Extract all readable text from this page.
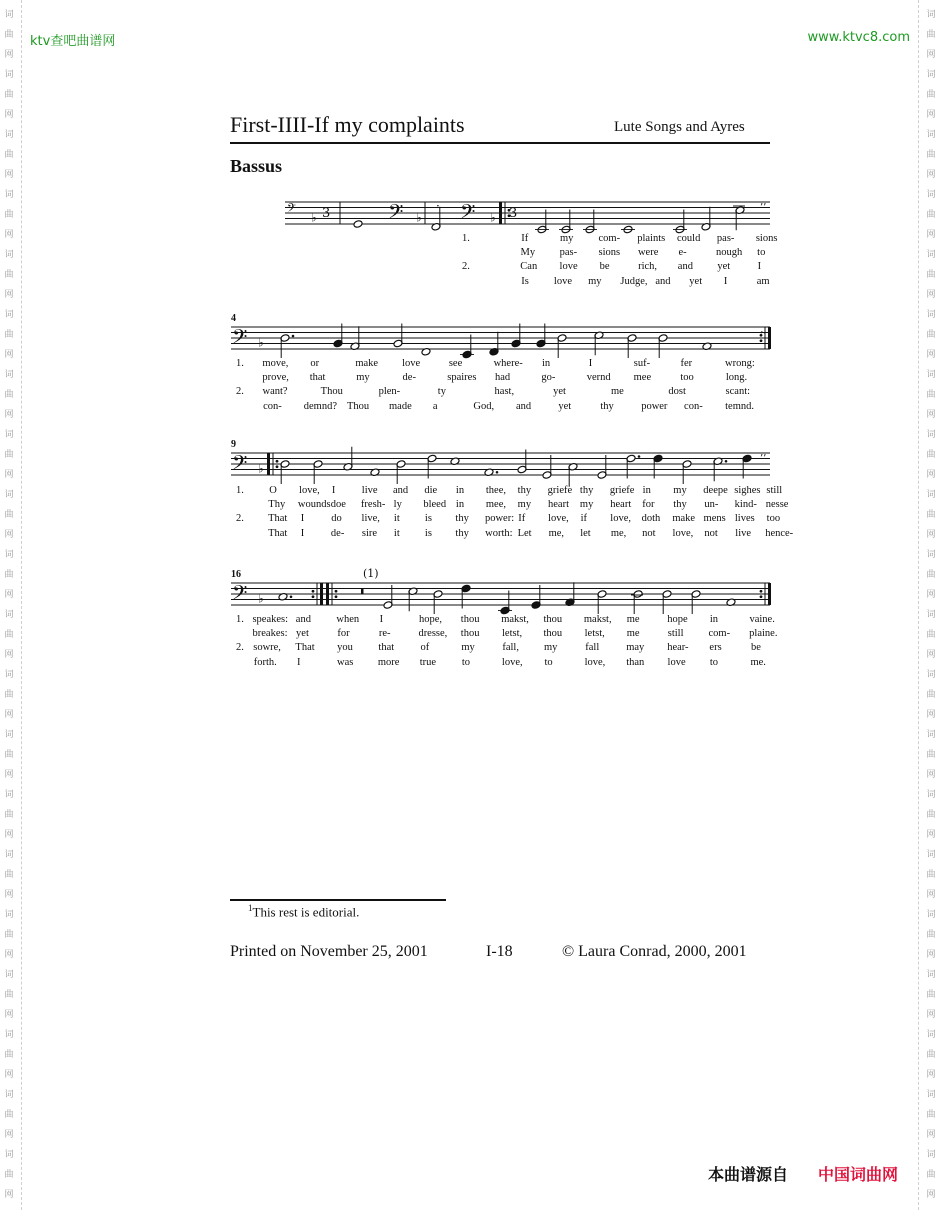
词
曲
网
词
曲
网
词
曲
网
词
曲
网
词
曲
网
词
曲
网
词
曲
网
词
曲
网
词
曲
网
词
曲
网
词
曲
网
词
曲
网
词
曲
网
词
曲
网
词
曲
网
词
曲
网
词
曲
网
词
曲
网
词
曲
网
词
曲
网
词
曲
网
词
曲
网
词
曲
网
词
曲
网
词
曲
网
词
曲
网
词
曲
网
词
曲
网
词
曲
网
词
曲
网
词
曲
网
词
曲
网
词
曲
网
词
曲
网
词
曲
网
词
曲
网
词
曲
网
词
曲
网
词
曲
网
词
曲
网
ktv查吧曲谱网	www.ktvc8.com
First-IIII-If my complaints	Lute Songs and Ayres
Bassus
𝄢 ♭ 3 𝄢 ♭
· 𝄢 ♭ 3	’’
𝄢 ♭	’’
𝄢 ♭
’’
𝄢 ♭
(1)
1.	If	my com- plaints could pas- sions
My pas- sions were e-	nough to
2.	Can love be	rich, and yet	I
Is love my Judge, and yet I	am
4
1. move, or	make love	see	where- in	I	suf-	fer	wrong:
prove, that	my	de-	spaires had	go-	vernd mee	too	long.
2. want?	Thou	plen-	ty	hast,	yet	me	dost	scant:
con- demnd? Thou made a	God, and	yet	thy	power con- temnd.
9
1. O love, I	live and die in thee, thy griefe thy griefe in my deepe sighes still
Thy wounds doe fresh- ly bleed in mee, my heart my heart for thy un- kind- nesse
2. That I	do live, it is thy power: If love, if love, doth make mens lives too
That I	de- sire it is thy worth: Let me, let me, not love, not live hence-
16
1. speakes: and when I	hope, thou makst, thou makst, me	hope in	vaine.
breakes: yet	for	re-	dresse, thou letst, thou letst, me	still com- plaine.
2. sowre, That you that	of	my	fall, my	fall	may hear- ers	be
forth. I	was more true to	love, to	love, than love to	me.
$^1$This rest is editorial.
Printed on November 25, 2001	I-18	© Laura Conrad, 2000, 2001
本曲谱源自 中国词曲网
